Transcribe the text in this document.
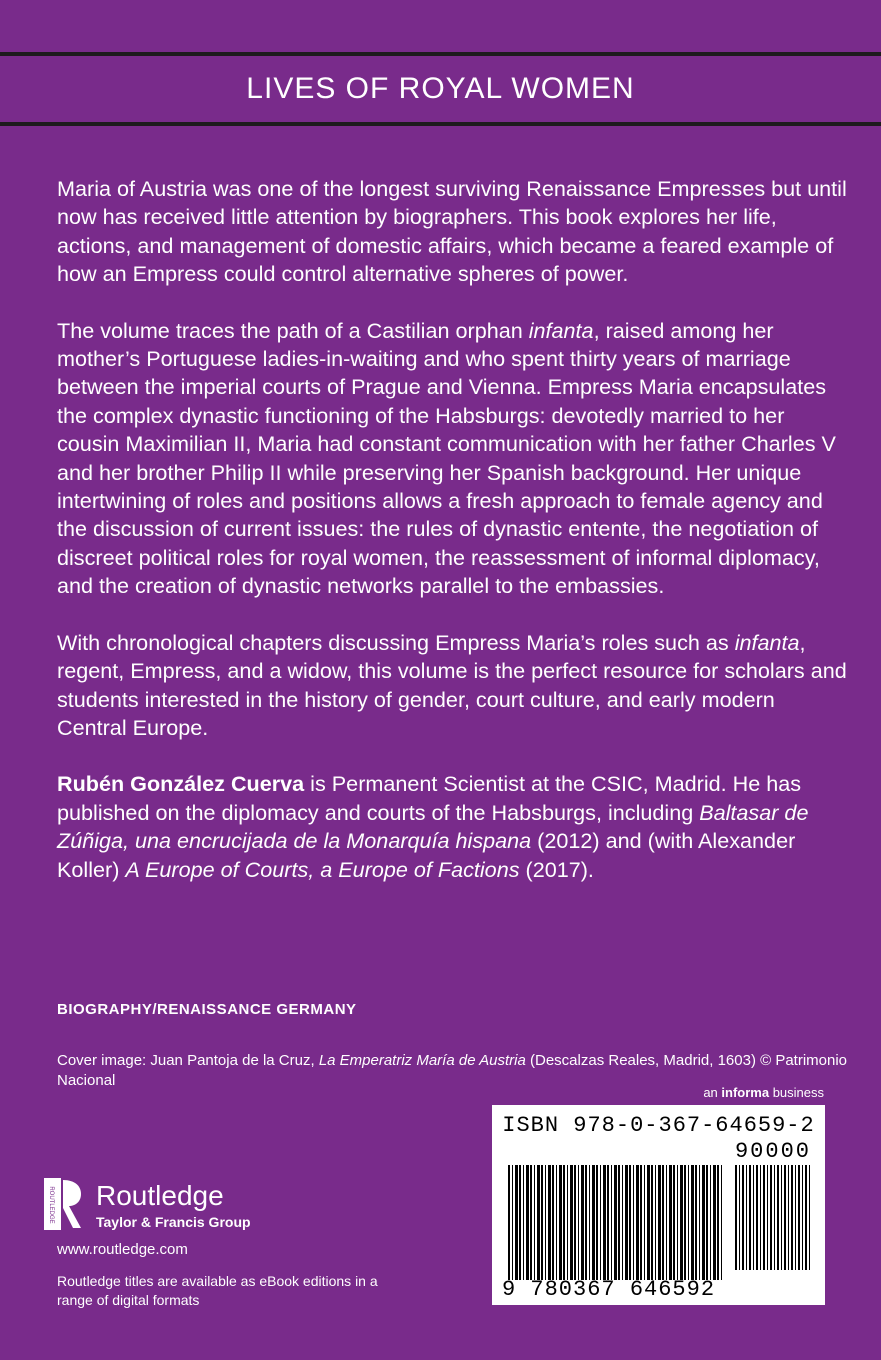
LIVES OF ROYAL WOMEN

Maria of Austria was one of the longest surviving Renaissance Empresses but until now has received little attention by biographers. This book explores her life, actions, and management of domestic affairs, which became a feared example of how an Empress could control alternative spheres of power.

The volume traces the path of a Castilian orphan infanta, raised among her mother’s Portuguese ladies-in-waiting and who spent thirty years of marriage between the imperial courts of Prague and Vienna. Empress Maria encapsulates the complex dynastic functioning of the Habsburgs: devotedly married to her cousin Maximilian II, Maria had constant communication with her father Charles V and her brother Philip II while preserving her Spanish background. Her unique intertwining of roles and positions allows a fresh approach to female agency and the discussion of current issues: the rules of dynastic entente, the negotiation of discreet political roles for royal women, the reassessment of informal diplomacy, and the creation of dynastic networks parallel to the embassies.

With chronological chapters discussing Empress Maria’s roles such as infanta, regent, Empress, and a widow, this volume is the perfect resource for scholars and students interested in the history of gender, court culture, and early modern Central Europe.

Rubén González Cuerva is Permanent Scientist at the CSIC, Madrid. He has published on the diplomacy and courts of the Habsburgs, including Baltasar de Zúñiga, una encrucijada de la Monarquía hispana (2012) and (with Alexander Koller) A Europe of Courts, a Europe of Factions (2017).

BIOGRAPHY/RENAISSANCE GERMANY
Cover image: Juan Pantoja de la Cruz, La Emperatriz María de Austria (Descalzas Reales, Madrid, 1603) © Patrimonio Nacional
an informa business
ISBN 978-0-367-64659-2
90000
9 780367 646592
ROUTLEDGE Routledge
Taylor & Francis Group
www.routledge.com
Routledge titles are available as eBook editions in a range of digital formats
